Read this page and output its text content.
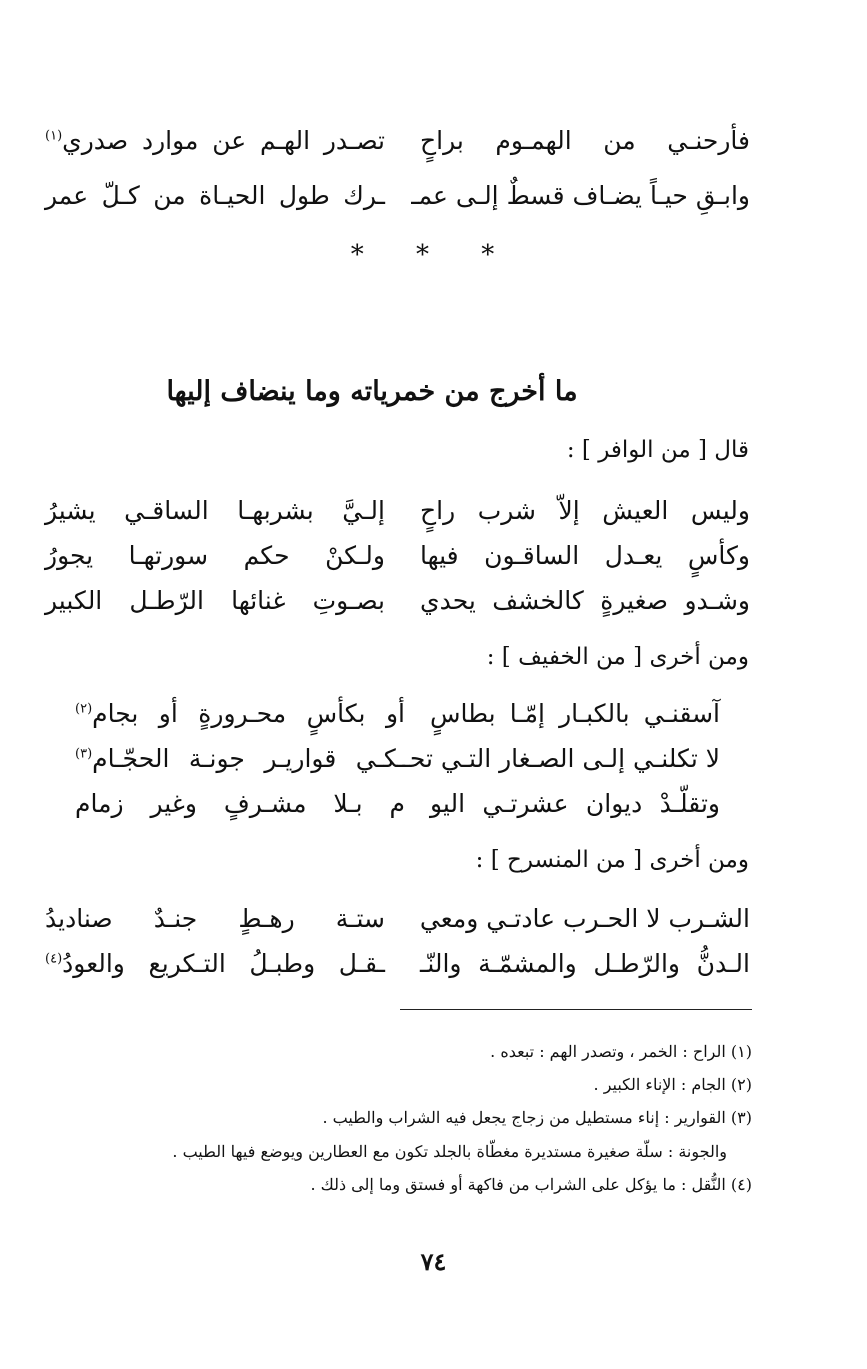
فأرحنـي من الهمـوم براحٍ
تصـدر الهـم عن موارد صدري$^{(١)}$
وابـقِ حيـاً يضـاف قسطٌ إلـى عمـ
ـرك طول الحيـاة من كـلّ عمر
* * *
ما أخرج من خمرياته وما ينضاف إليها
قال [ من الوافر ] :
وليس العيش إلاّ شرب راحٍ
إلـيَّ بشربهـا الساقـي يشيرُ
وكأسٍ يعـدل الساقـون فيها
ولـكنْ حكم سورتهـا يجورُ
وشـدو صغيرةٍ كالخشف يحدي
بصـوتِ غنائها الرّطـل الكبير
ومن أخرى [ من الخفيف ] :
آسقنـي بالكبـار إمّـا بطاسٍ
أو بكأسٍ محـرورةٍ أو بجام$^{(٢)}$
لا تكلنـي إلـى الصـغار التـي تحـ
ـكـي قواريـر جونـة الحجّـام$^{(٣)}$
وتقلّـدْ ديوان عشرتـي اليو
م بـلا مشـرفٍ وغير زمام
ومن أخرى [ من المنسرح ] :
الشـرب لا الحـرب عادتـي ومعي
ستـة رهـطٍ جنـدٌ صناديدُ
الـدنُّ والرّطـل والمشمّـة والنّـ
ـقـل وطبـلُ التـكريع والعودُ$^{(٤)}$
(١) الراح : الخمر ، وتصدر الهم : تبعده .
(٢) الجام : الإناء الكبير .
(٣) القوارير : إناء مستطيل من زجاج يجعل فيه الشراب والطيب .
والجونة : سلّة صغيرة مستديرة مغطّاة بالجلد تكون مع العطارين ويوضع فيها الطيب .
(٤) النُّقل : ما يؤكل على الشراب من فاكهة أو فستق وما إلى ذلك .
٧٤
